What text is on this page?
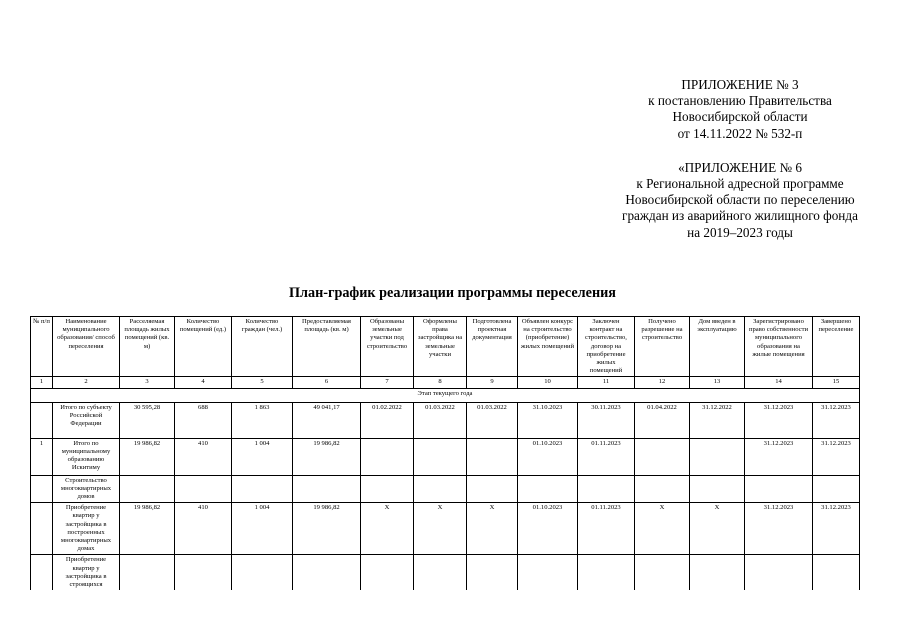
ПРИЛОЖЕНИЕ № 3
к постановлению Правительства
Новосибирской области
от 14.11.2022 № 532-п
«ПРИЛОЖЕНИЕ № 6
к Региональной адресной программе
Новосибирской области по переселению
граждан из аварийного жилищного фонда
на 2019–2023 годы
План-график реализации программы переселения
№ п/п	Наименование муниципального образования/ способ переселения	Расселяемая площадь жилых помещений (кв. м)	Количество помещений (ед.)	Количество граждан (чел.)	Предоставляемая площадь (кв. м)	Образованы земельные участки под строительство	Оформлены права застройщика на земельные участки	Подготовлена проектная документация	Объявлен конкурс на строительство (приобретение) жилых помещений	Заключен контракт на строительство, договор на приобретение жилых помещений	Получено разрешение на строительство	Дом введен в эксплуатацию	Зарегистрировано право собственности муниципального образования на жилые помещения	Завершено переселение
1	2	3	4	5	6	7	8	9	10	11	12	13	14	15
Этап текущего года														
	Итого по субъекту Российской Федерации	30 595,28	688	1 863	49 041,17	01.02.2022	01.03.2022	01.03.2022	31.10.2023	30.11.2023	01.04.2022	31.12.2022	31.12.2023	31.12.2023
1	Итого по муниципальному образованию Искитиму	19 986,82	410	1 004	19 986,82				01.10.2023	01.11.2023			31.12.2023	31.12.2023
	Строительство многоквартирных домов													
	Приобретение квартир у застройщика в построенных многоквартирных домах	19 986,82	410	1 004	19 986,82	Х	Х	Х	01.10.2023	01.11.2023	Х	Х	31.12.2023	31.12.2023
	Приобретение квартир у застройщика в строящихся													
